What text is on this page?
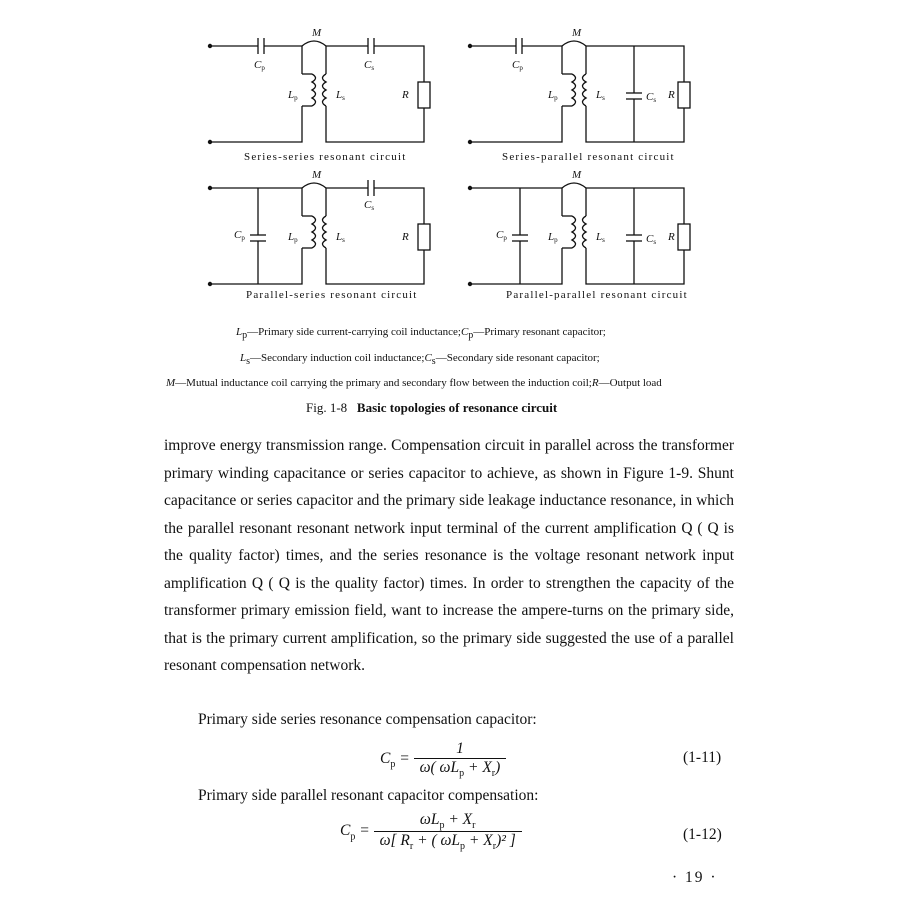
M
Cp	Cs
Lp	Ls	R
Series-series resonant circuit
M
Cp
Lp	Ls	Cs R
Series-parallel resonant circuit
M
Cs
Cp	Lp	Ls	R
Parallel-series resonant circuit
M
Cp	Lp	Ls	Cs R
Parallel-parallel resonant circuit
$L_p—Primary$ side current-carrying coil $inductance;C_p—Primary$ resonant capacitor;
$L_s—Secondary$ induction coil $inductance;C_s—Secondary$ side resonant capacitor;
M—Mutual inductance coil carrying the primary and secondary flow between the induction coil;R—Output load
Fig. 1-8 Basic topologies of resonance circuit

improve energy transmission range. Compensation circuit in parallel across the transformer primary winding capacitance or series capacitor to achieve, as shown in Figure 1-9. Shunt capacitance or series capacitor and the primary side leakage inductance resonance, in which the parallel resonant resonant network input terminal of the current amplification Q ( Q is the quality factor) times, and the series resonance is the voltage resonant network input amplification Q ( Q is the quality factor) times. In order to strengthen the capacity of the transformer primary emission field, want to increase the ampere-turns on the primary side, that is the primary current amplification, so the primary side suggested the use of a parallel resonant compensation network.

Primary side series resonance compensation capacitor:
$C_p = \frac{1}{\omega( \omega L_p + X_r)}$	(1-11)
Primary side parallel resonant capacitor compensation:
$C_p = \frac{\omega L_p + X_r}{\omega[ R_r + ( \omega L_p + X_r)^2 ]}$	(1-12)
· 19 ·
